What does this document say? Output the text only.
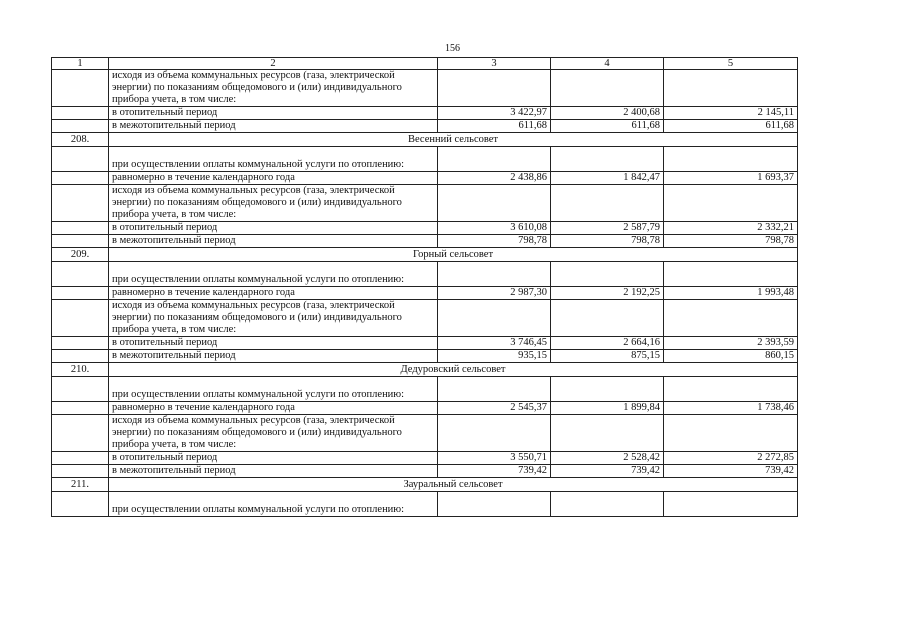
156
1	2	3	4	5
	исходя из объема коммунальных ресурсов (газа, электрической энергии) по показаниям общедомового и (или) индивидуального прибора учета, в том числе:			
	в отопительный период	3 422,97	2 400,68	2 145,11
	в межотопительный период	611,68	611,68	611,68
208.	Весенний сельсовет			
	при осуществлении оплаты коммунальной услуги по отоплению:			
	равномерно в течение календарного года	2 438,86	1 842,47	1 693,37
	исходя из объема коммунальных ресурсов (газа, электрической энергии) по показаниям общедомового и (или) индивидуального прибора учета, в том числе:			
	в отопительный период	3 610,08	2 587,79	2 332,21
	в межотопительный период	798,78	798,78	798,78
209.	Горный сельсовет			
	при осуществлении оплаты коммунальной услуги по отоплению:			
	равномерно в течение календарного года	2 987,30	2 192,25	1 993,48
	исходя из объема коммунальных ресурсов (газа, электрической энергии) по показаниям общедомового и (или) индивидуального прибора учета, в том числе:			
	в отопительный период	3 746,45	2 664,16	2 393,59
	в межотопительный период	935,15	875,15	860,15
210.	Дедуровский сельсовет			
	при осуществлении оплаты коммунальной услуги по отоплению:			
	равномерно в течение календарного года	2 545,37	1 899,84	1 738,46
	исходя из объема коммунальных ресурсов (газа, электрической энергии) по показаниям общедомового и (или) индивидуального прибора учета, в том числе:			
	в отопительный период	3 550,71	2 528,42	2 272,85
	в межотопительный период	739,42	739,42	739,42
211.	Зауральный сельсовет			
	при осуществлении оплаты коммунальной услуги по отоплению:			
